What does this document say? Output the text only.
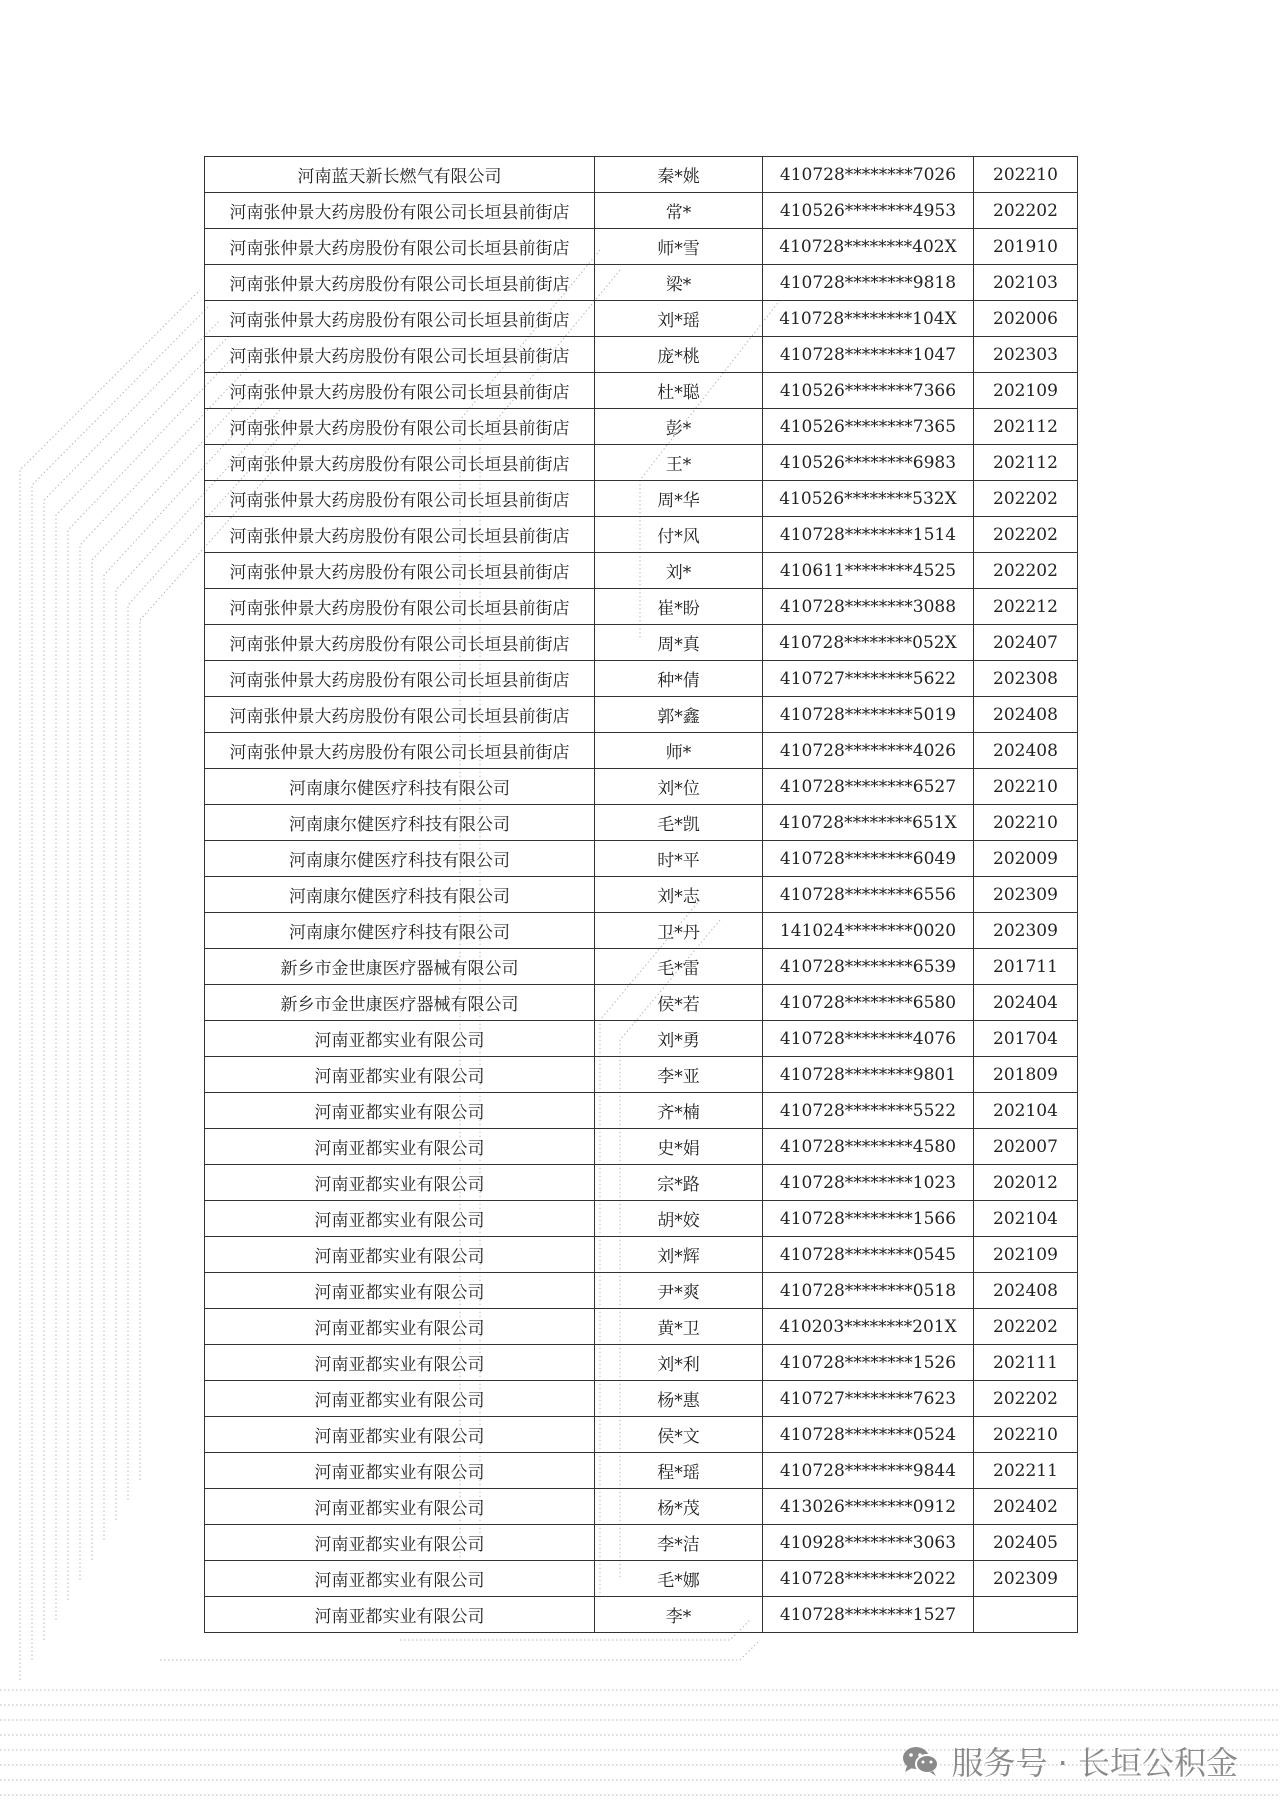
河南蓝天新长燃气有限公司	秦*姚	410728********7026	202210
河南张仲景大药房股份有限公司长垣县前街店	常*	410526********4953	202202
河南张仲景大药房股份有限公司长垣县前街店	师*雪	410728********402X	201910
河南张仲景大药房股份有限公司长垣县前街店	梁*	410728********9818	202103
河南张仲景大药房股份有限公司长垣县前街店	刘*瑶	410728********104X	202006
河南张仲景大药房股份有限公司长垣县前街店	庞*桃	410728********1047	202303
河南张仲景大药房股份有限公司长垣县前街店	杜*聪	410526********7366	202109
河南张仲景大药房股份有限公司长垣县前街店	彭*	410526********7365	202112
河南张仲景大药房股份有限公司长垣县前街店	王*	410526********6983	202112
河南张仲景大药房股份有限公司长垣县前街店	周*华	410526********532X	202202
河南张仲景大药房股份有限公司长垣县前街店	付*风	410728********1514	202202
河南张仲景大药房股份有限公司长垣县前街店	刘*	410611********4525	202202
河南张仲景大药房股份有限公司长垣县前街店	崔*盼	410728********3088	202212
河南张仲景大药房股份有限公司长垣县前街店	周*真	410728********052X	202407
河南张仲景大药房股份有限公司长垣县前街店	种*倩	410727********5622	202308
河南张仲景大药房股份有限公司长垣县前街店	郭*鑫	410728********5019	202408
河南张仲景大药房股份有限公司长垣县前街店	师*	410728********4026	202408
河南康尔健医疗科技有限公司	刘*位	410728********6527	202210
河南康尔健医疗科技有限公司	毛*凯	410728********651X	202210
河南康尔健医疗科技有限公司	时*平	410728********6049	202009
河南康尔健医疗科技有限公司	刘*志	410728********6556	202309
河南康尔健医疗科技有限公司	卫*丹	141024********0020	202309
新乡市金世康医疗器械有限公司	毛*雷	410728********6539	201711
新乡市金世康医疗器械有限公司	侯*若	410728********6580	202404
河南亚都实业有限公司	刘*勇	410728********4076	201704
河南亚都实业有限公司	李*亚	410728********9801	201809
河南亚都实业有限公司	齐*楠	410728********5522	202104
河南亚都实业有限公司	史*娟	410728********4580	202007
河南亚都实业有限公司	宗*路	410728********1023	202012
河南亚都实业有限公司	胡*姣	410728********1566	202104
河南亚都实业有限公司	刘*辉	410728********0545	202109
河南亚都实业有限公司	尹*爽	410728********0518	202408
河南亚都实业有限公司	黄*卫	410203********201X	202202
河南亚都实业有限公司	刘*利	410728********1526	202111
河南亚都实业有限公司	杨*惠	410727********7623	202202
河南亚都实业有限公司	侯*文	410728********0524	202210
河南亚都实业有限公司	程*瑶	410728********9844	202211
河南亚都实业有限公司	杨*茂	413026********0912	202402
河南亚都实业有限公司	李*洁	410928********3063	202405
河南亚都实业有限公司	毛*娜	410728********2022	202309
河南亚都实业有限公司	李*	410728********1527	
服务号 · 长垣公积金
